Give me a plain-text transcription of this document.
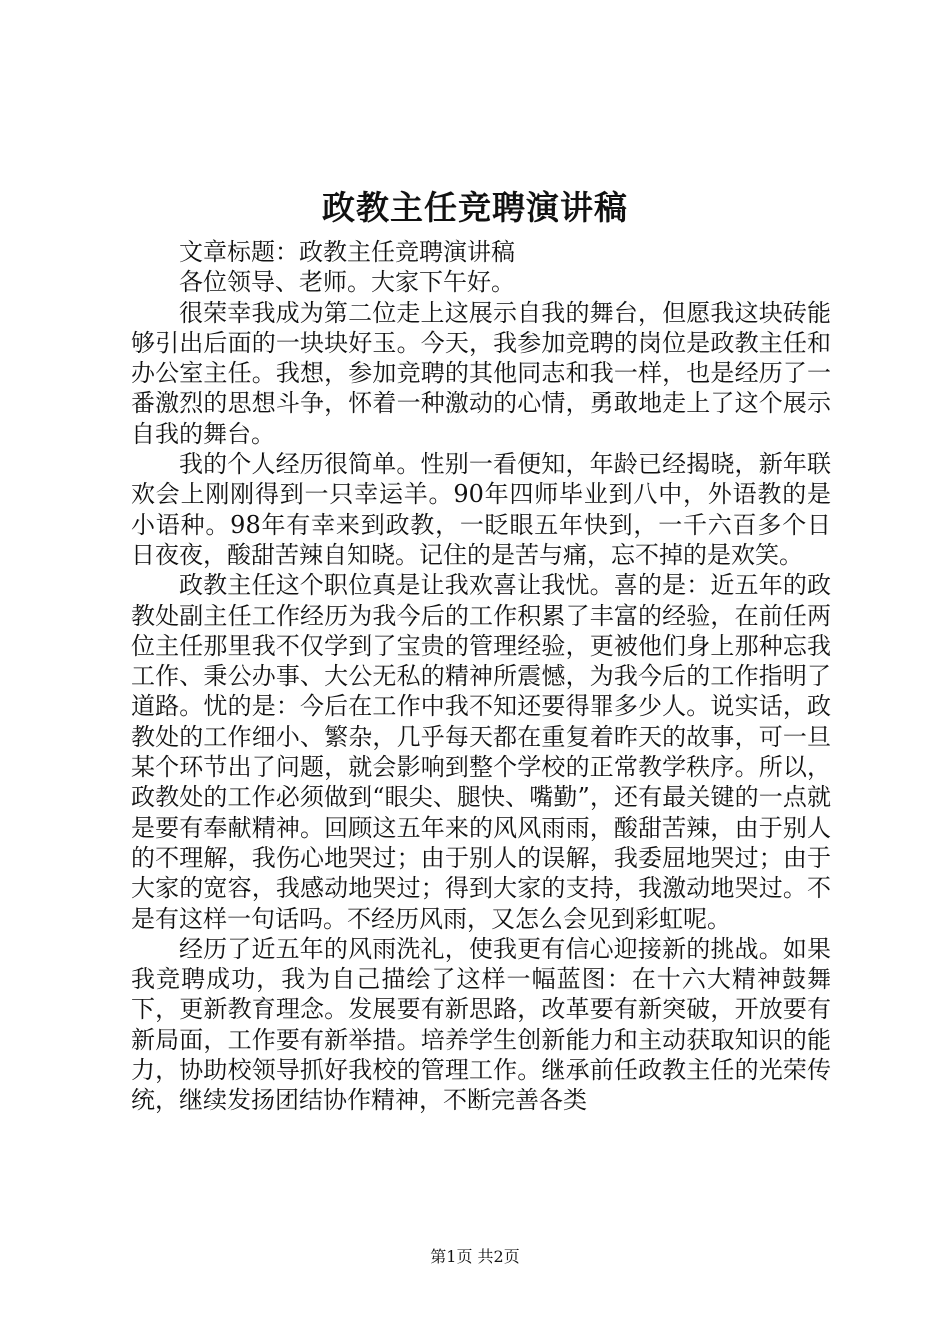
政教主任竞聘演讲稿

文章标题：政教主任竞聘演讲稿

各位领导、老师。大家下午好。

很荣幸我成为第二位走上这展示自我的舞台，但愿我这块砖能够引出后面的一块块好玉。今天，我参加竞聘的岗位是政教主任和办公室主任。我想，参加竞聘的其他同志和我一样，也是经历了一番激烈的思想斗争，怀着一种激动的心情，勇敢地走上了这个展示自我的舞台。

我的个人经历很简单。性别一看便知，年龄已经揭晓，新年联欢会上刚刚得到一只幸运羊。90年四师毕业到八中，外语教的是小语种。98年有幸来到政教，一眨眼五年快到，一千六百多个日日夜夜，酸甜苦辣自知晓。记住的是苦与痛，忘不掉的是欢笑。

政教主任这个职位真是让我欢喜让我忧。喜的是：近五年的政教处副主任工作经历为我今后的工作积累了丰富的经验，在前任两位主任那里我不仅学到了宝贵的管理经验，更被他们身上那种忘我工作、秉公办事、大公无私的精神所震憾，为我今后的工作指明了道路。忧的是：今后在工作中我不知还要得罪多少人。说实话，政教处的工作细小、繁杂，几乎每天都在重复着昨天的故事，可一旦某个环节出了问题，就会影响到整个学校的正常教学秩序。所以，政教处的工作必须做到“眼尖、腿快、嘴勤”，还有最关键的一点就是要有奉献精神。回顾这五年来的风风雨雨，酸甜苦辣，由于别人的不理解，我伤心地哭过；由于别人的误解，我委屈地哭过；由于大家的宽容，我感动地哭过；得到大家的支持，我激动地哭过。不是有这样一句话吗。不经历风雨，又怎么会见到彩虹呢。

经历了近五年的风雨洗礼，使我更有信心迎接新的挑战。如果我竞聘成功，我为自己描绘了这样一幅蓝图：在十六大精神鼓舞下，更新教育理念。发展要有新思路，改革要有新突破，开放要有新局面，工作要有新举措。培养学生创新能力和主动获取知识的能力，协助校领导抓好我校的管理工作。继承前任政教主任的光荣传统，继续发扬团结协作精神，不断完善各类

第1页 共2页
